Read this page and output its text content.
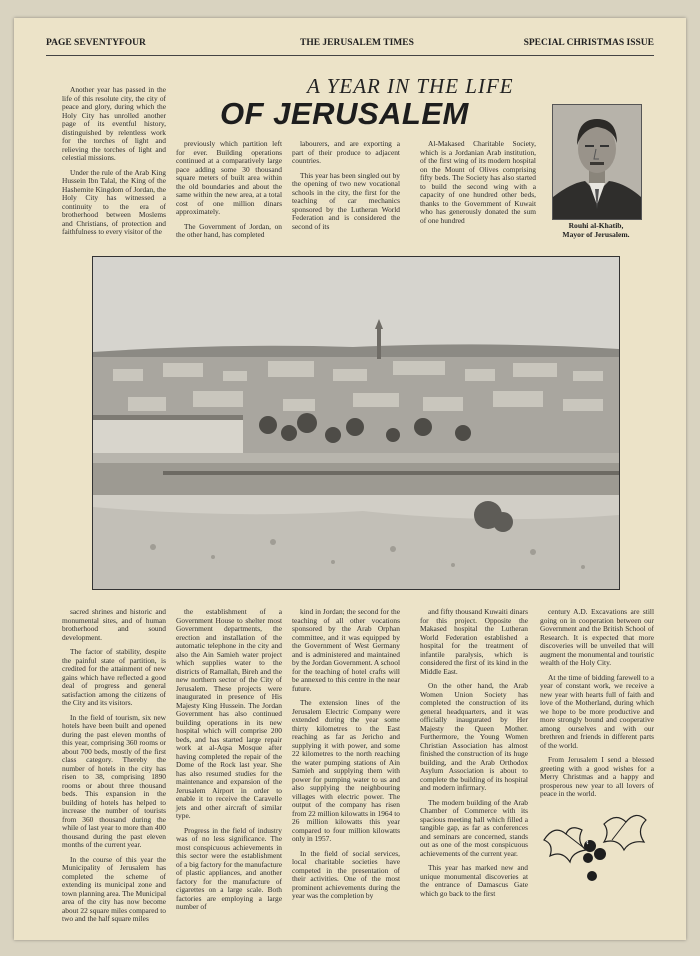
PAGE SEVENTYFOUR	THE JERUSALEM TIMES	SPECIAL CHRISTMAS ISSUE
A YEAR IN THE LIFE
OF JERUSALEM

Another year has passed in the life of this resolute city, the city of peace and glory, during which the Holy City has unrolled another page of its eventful history, distinguished by relentless work for the torches of light and relieving the torches of light and celestial missions.

Under the rule of the Arab King Hussein Ibn Talal, the King of the Hashemite Kingdom of Jordan, the Holy City has witnessed a continuity to the era of brotherhood between Moslems and Christians, of protection and faithfulness to every visitor of the

previously which partition left for ever. Building operations continued at a comparatively large pace adding some 30 thousand square meters of built area within the old boundaries and about the same within the new area, at a total cost of one million dinars approximately.

The Government of Jordan, on the other hand, has completed

labourers, and are exporting a part of their produce to adjacent countries.

This year has been singled out by the opening of two new vocational schools in the city, the first for the teaching of car mechanics sponsored by the Lutheran World Federation and is considered the second of its

Al-Makased Charitable Society, which is a Jordanian Arab institution, of the first wing of its modern hospital on the Mount of Olives comprising fifty beds. The Society has also started to build the second wing with a capacity of one hundred other beds, thanks to the Government of Kuwait who has generously donated the sum of one hundred

Rouhi al-Khatib,
Mayor of Jerusalem.

sacred shrines and historic and monumental sites, and of human brotherhood and sound development.

The factor of stability, despite the painful state of partition, is credited for the attainment of new gains which have reflected a good deal of progress and general satisfaction among the citizens of the City and its visitors.

In the field of tourism, six new hotels have been built and opened during the past eleven months of this year, comprising 360 rooms or about 700 beds, mostly of the first class category. Thereby the number of hotels in the city has risen to 38, comprising 1890 rooms or about three thousand beds. This expansion in the building of hotels has helped to increase the number of tourists from 360 thousand during the while of last year to more than 400 thousand during the past eleven months of the current year.

In the course of this year the Municipality of Jerusalem has completed the scheme of extending its municipal zone and town planning area. The Municipal area of the city has now become about 22 square miles compared to two and the half square miles

the establishment of a Government House to shelter most Government departments, the erection and installation of the automatic telephone in the city and also the Ain Samieh water project which supplies water to the districts of Ramallah, Bireh and the new northern sector of the City of Jerusalem. These projects were inaugurated in presence of His Majesty King Hussein. The Jordan Government has also continued building operations in its new hospital which will comprise 200 beds, and has started large repair work at al-Aqsa Mosque after having completed the repair of the Dome of the Rock last year. She has also resumed studies for the maintenance and expansion of the Jerusalem Airport in order to enable it to receive the Caravelle jets and other aircraft of similar type.

Progress in the field of industry was of no less significance. The most conspicuous achievements in this sector were the establishment of a big factory for the manufacture of plastic appliances, and another factory for the manufacture of cigarettes on a large scale. Both factories are employing a large number of

kind in Jordan; the second for the teaching of all other vocations sponsored by the Arab Orphan committee, and it was equipped by the Government of West Germany and is administered and maintained by the Jordan Government. A school for the teaching of hotel crafts will be annexed to this centre in the near future.

The extension lines of the Jerusalem Electric Company were extended during the year some thirty kilometres to the East reaching as far as Jericho and supplying it with power, and some 22 kilometres to the north reaching the water pumping stations of Ain Samieh and supplying them with power for pumping water to us and also supplying the neighbouring villages with electric power. The output of the company has risen from 22 million kilowatts in 1964 to 26 million kilowatts this year compared to four million kilowatts only in 1957.

In the field of social services, local charitable societies have competed in the presentation of their activities. One of the most prominent achievements during the year was the completion by

and fifty thousand Kuwaiti dinars for this project. Opposite the Makased hospital the Lutheran World Federation established a hospital for the treatment of infantile paralysis, which is considered the first of its kind in the Middle East.

On the other hand, the Arab Women Union Society has completed the construction of its general headquarters, and it was officially inaugurated by Her Majesty the Queen Mother. Furthermore, the Young Women Christian Association has almost finished the construction of its huge building, and the Arab Orthodox Asylum Association is about to complete the building of its hospital and modern infirmary.

The modern building of the Arab Chamber of Commerce with its spacious meeting hall which filled a tangible gap, as far as conferences and seminars are concerned, stands out as one of the most conspicuous achievements of the current year.

This year has marked new and unique monumental discoveries at the entrance of Damascus Gate which go back to the first

century A.D. Excavations are still going on in cooperation between our Government and the British School of Research. It is expected that more discoveries will be unveiled that will augment the monumental and touristic wealth of the Holy City.

At the time of bidding farewell to a year of constant work, we receive a new year with hearts full of faith and love of the Motherland, during which we hope to be more productive and more strongly bound and cooperative among ourselves and with our brethren and friends in different parts of the world.

From Jerusalem I send a blessed greeting with a good wishes for a Merry Christmas and a happy and prosperous new year to all lovers of peace in the world.
